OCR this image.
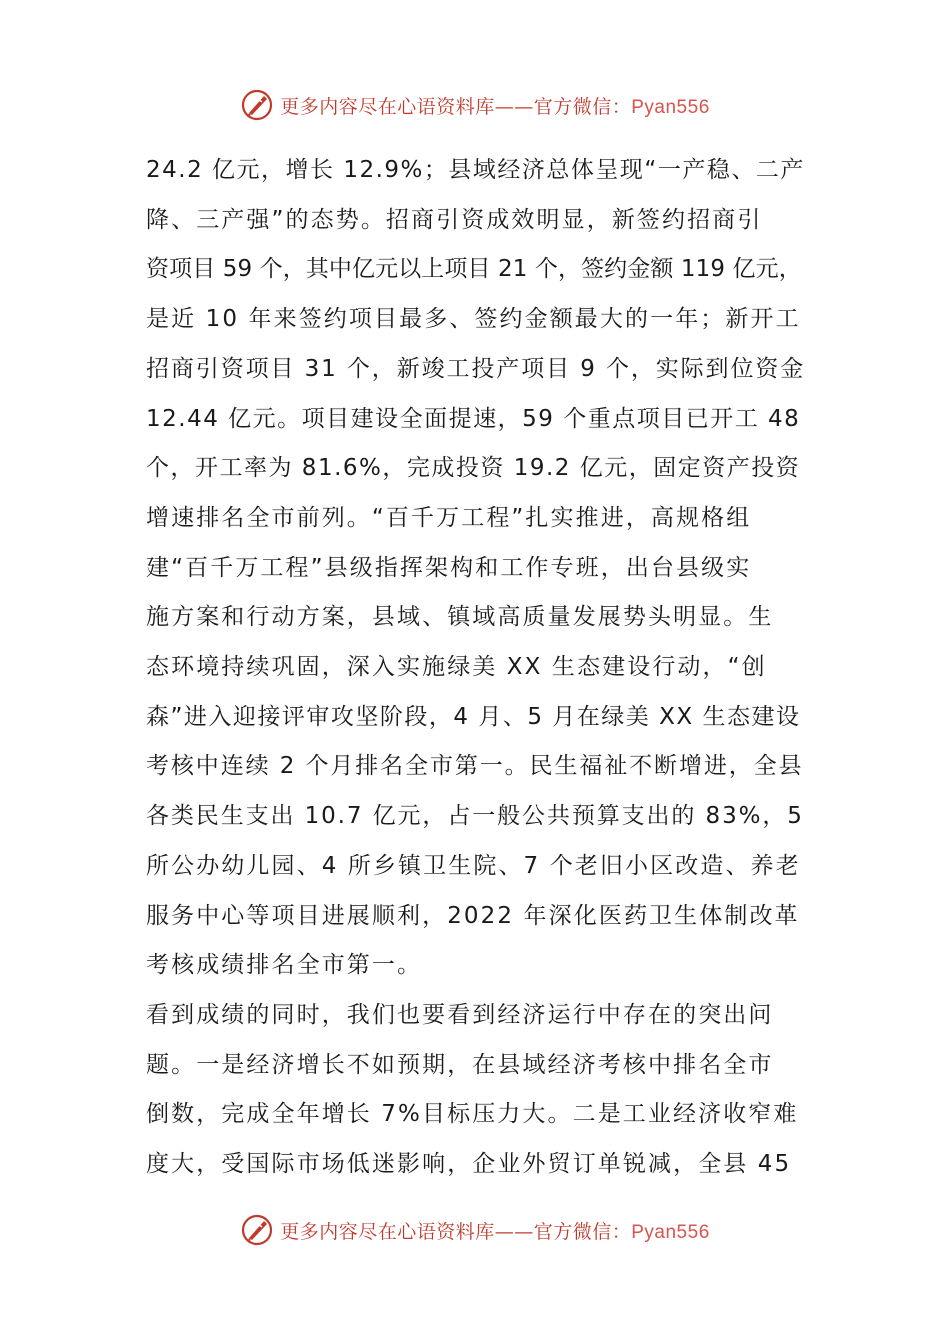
更多内容尽在心语资料库——官方微信：Pyan556

24.2 亿元，增长 12.9%；县域经济总体呈现“一产稳、二产
降、三产强”的态势。招商引资成效明显，新签约招商引
资项目 59 个，其中亿元以上项目 21 个，签约金额 119 亿元，
是近 10 年来签约项目最多、签约金额最大的一年；新开工
招商引资项目 31 个，新竣工投产项目 9 个，实际到位资金
12.44 亿元。项目建设全面提速，59 个重点项目已开工 48
个，开工率为 81.6%，完成投资 19.2 亿元，固定资产投资
增速排名全市前列。“百千万工程”扎实推进，高规格组
建“百千万工程”县级指挥架构和工作专班，出台县级实
施方案和行动方案，县域、镇域高质量发展势头明显。生
态环境持续巩固，深入实施绿美 XX 生态建设行动，“创
森”进入迎接评审攻坚阶段，4 月、5 月在绿美 XX 生态建设
考核中连续 2 个月排名全市第一。民生福祉不断增进，全县
各类民生支出 10.7 亿元，占一般公共预算支出的 83%，5
所公办幼儿园、4 所乡镇卫生院、7 个老旧小区改造、养老
服务中心等项目进展顺利，2022 年深化医药卫生体制改革
考核成绩排名全市第一。

看到成绩的同时，我们也要看到经济运行中存在的突出问
题。一是经济增长不如预期，在县域经济考核中排名全市
倒数，完成全年增长 7%目标压力大。二是工业经济收窄难
度大，受国际市场低迷影响，企业外贸订单锐减，全县 45

更多内容尽在心语资料库——官方微信：Pyan556
